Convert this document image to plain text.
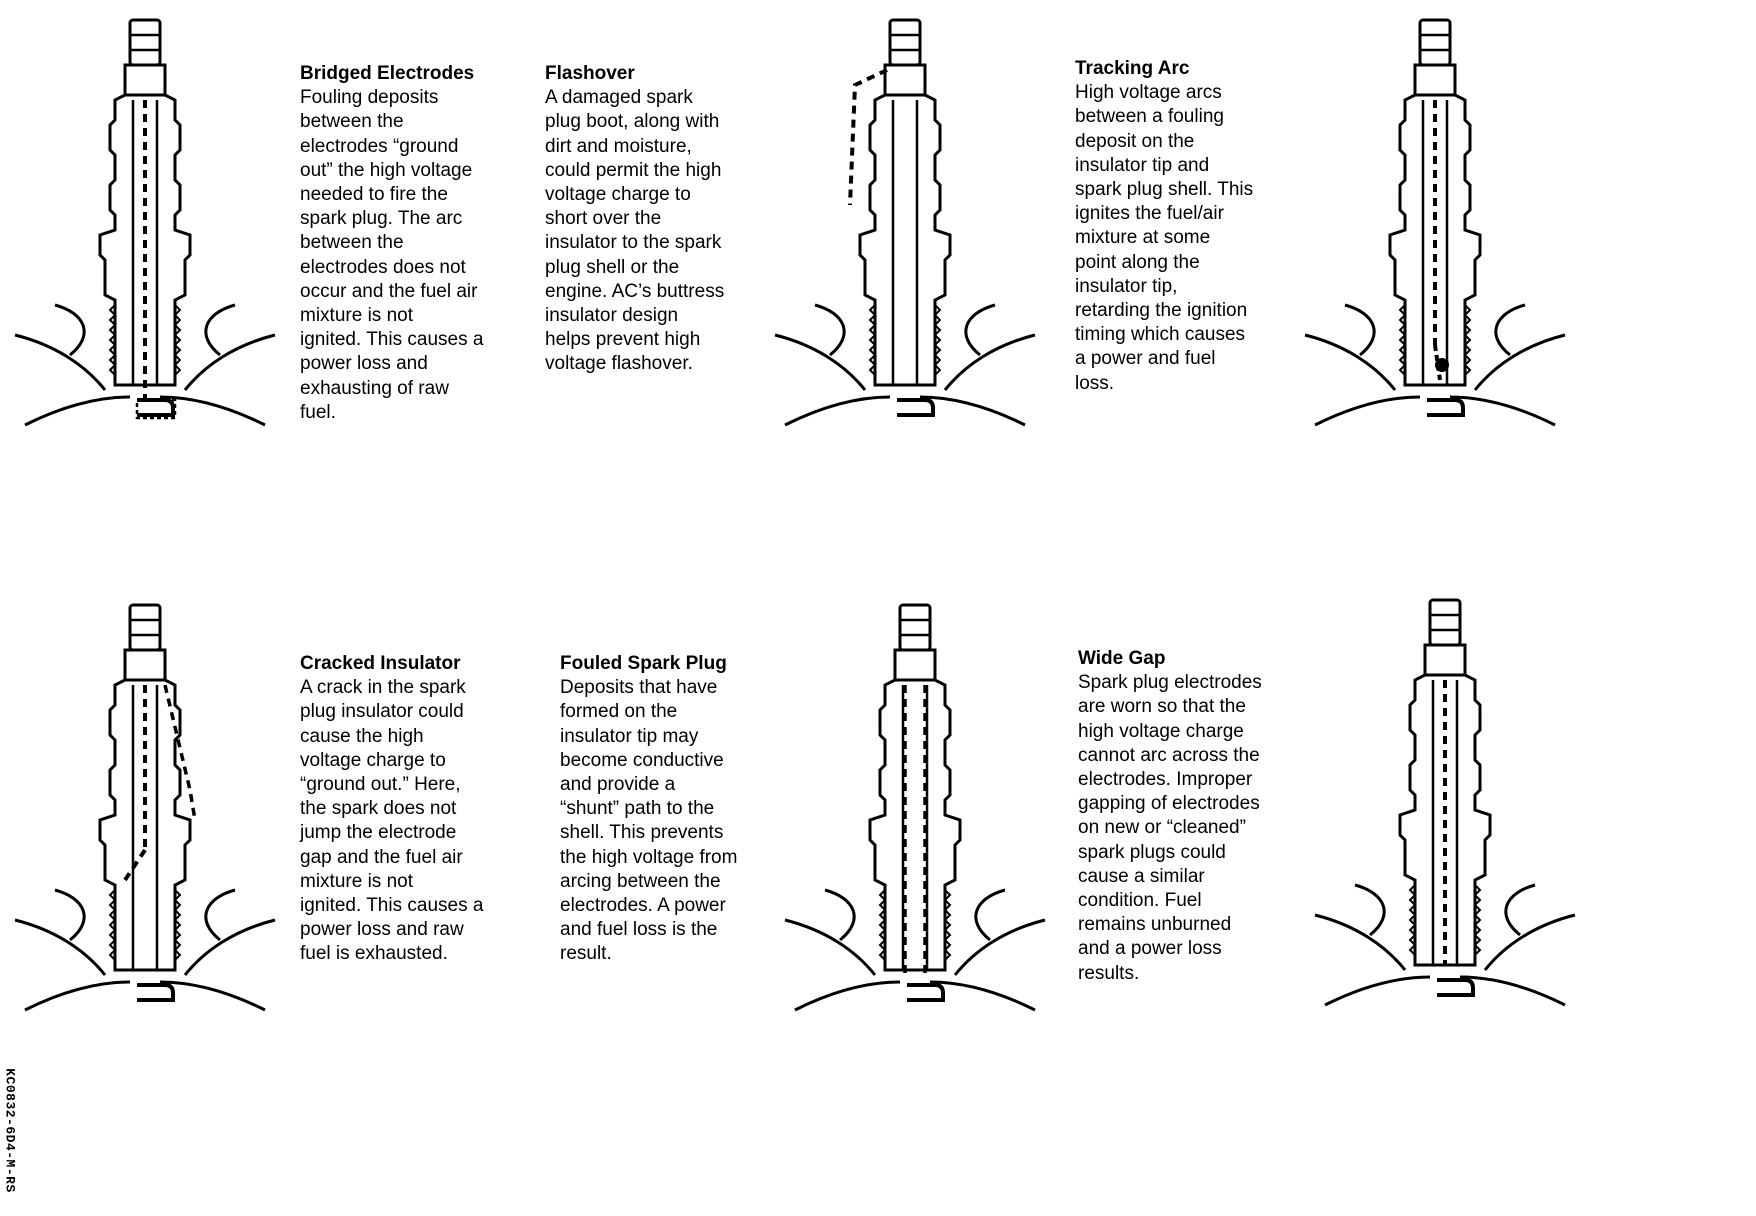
Bridged Electrodes
Fouling deposits
between the
electrodes “ground
out” the high voltage
needed to fire the
spark plug. The arc
between the
electrodes does not
occur and the fuel air
mixture is not
ignited. This causes a
power loss and
exhausting of raw
fuel.
Flashover
A damaged spark
plug boot, along with
dirt and moisture,
could permit the high
voltage charge to
short over the
insulator to the spark
plug shell or the
engine. AC’s buttress
insulator design
helps prevent high
voltage flashover.
Tracking Arc
High voltage arcs
between a fouling
deposit on the
insulator tip and
spark plug shell. This
ignites the fuel/air
mixture at some
point along the
insulator tip,
retarding the ignition
timing which causes
a power and fuel
loss.
Cracked Insulator
A crack in the spark
plug insulator could
cause the high
voltage charge to
“ground out.” Here,
the spark does not
jump the electrode
gap and the fuel air
mixture is not
ignited. This causes a
power loss and raw
fuel is exhausted.
Fouled Spark Plug
Deposits that have
formed on the
insulator tip may
become conductive
and provide a
“shunt” path to the
shell. This prevents
the high voltage from
arcing between the
electrodes. A power
and fuel loss is the
result.
Wide Gap
Spark plug electrodes
are worn so that the
high voltage charge
cannot arc across the
electrodes. Improper
gapping of electrodes
on new or “cleaned”
spark plugs could
cause a similar
condition. Fuel
remains unburned
and a power loss
results.
KC0832-6D4-M-RS
